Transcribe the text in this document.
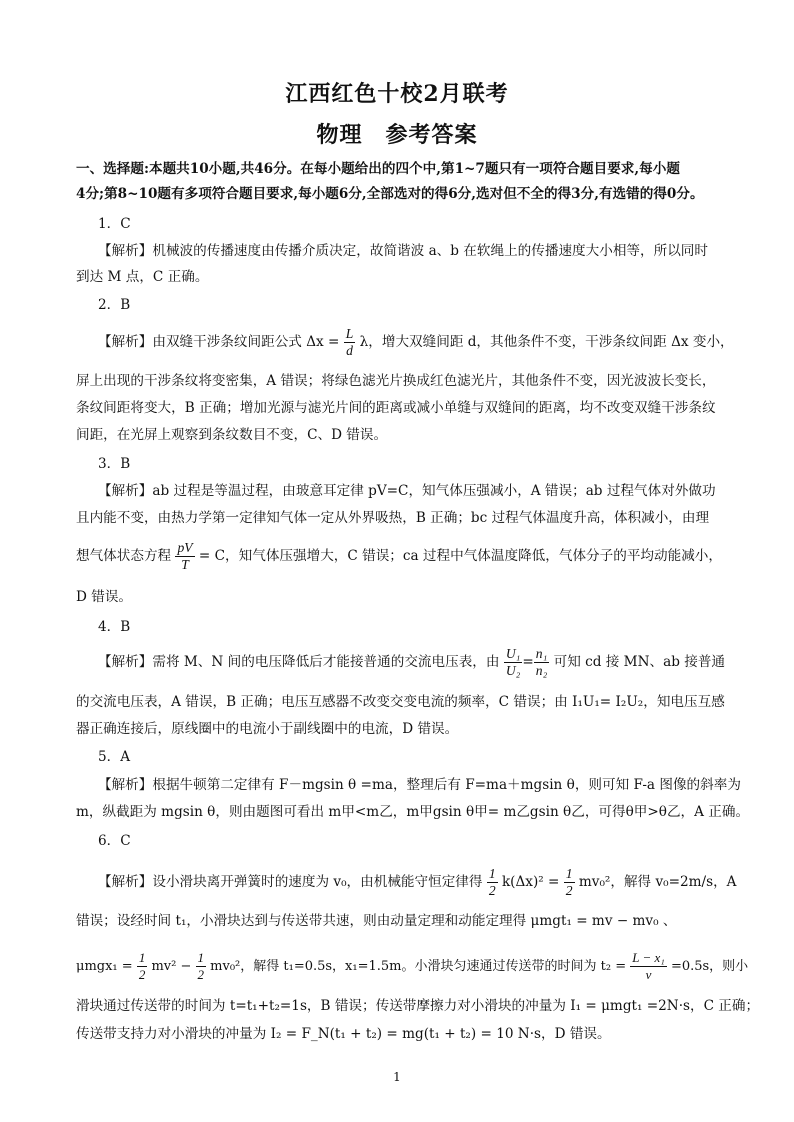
江西红色十校2月联考
物理　参考答案
一、选择题:本题共10小题,共46分。在每小题给出的四个中,第1~7题只有一项符合题目要求,每小题
4分;第8~10题有多项符合题目要求,每小题6分,全部选对的得6分,选对但不全的得3分,有选错的得0分。
1．C
【解析】机械波的传播速度由传播介质决定，故简谐波 a、b 在软绳上的传播速度大小相等，所以同时
到达 M 点，C 正确。
2．B
【解析】由双缝干涉条纹间距公式 $\Delta x = \frac{L}{d}$ λ，增大双缝间距 d，其他条件不变，干涉条纹间距 Δx 变小，
屏上出现的干涉条纹将变密集，A 错误；将绿色滤光片换成红色滤光片，其他条件不变，因光波波长变长，
条纹间距将变大，B 正确；增加光源与滤光片间的距离或减小单缝与双缝间的距离，均不改变双缝干涉条纹
间距，在光屏上观察到条纹数目不变，C、D 错误。
3．B
【解析】ab 过程是等温过程，由玻意耳定律 pV=C，知气体压强减小，A 错误；ab 过程气体对外做功
且内能不变，由热力学第一定律知气体一定从外界吸热，B 正确；bc 过程气体温度升高，体积减小，由理
想气体状态方程 $\frac{pV}{T} = C$，知气体压强增大，C 错误；ca 过程中气体温度降低，气体分子的平均动能减小，
D 错误。
4．B
【解析】需将 M、N 间的电压降低后才能接普通的交流电压表，由 $\frac{\text{U₁}}{\text{U₂}} = \frac{\text{n₁}}{\text{n₂}}$ 可知 cd 接 MN、ab 接普通
的交流电压表，A 错误，B 正确；电压互感器不改变交变电流的频率，C 错误；由 I₁U₁= I₂U₂，知电压互感
器正确连接后，原线圈中的电流小于副线圈中的电流，D 错误。
5．A
【解析】根据牛顿第二定律有 F－mgsin θ =ma，整理后有 F=ma＋mgsin θ，则可知 F-a 图像的斜率为
m，纵截距为 mgsin θ，则由题图可看出 m甲<m乙，m甲gsin θ甲= m乙gsin θ乙，可得θ甲>θ乙，A 正确。
6．C
【解析】设小滑块离开弹簧时的速度为 v₀，由机械能守恒定律得 $\frac{1}{2} k(\Delta x)^2 = \frac{1}{2} mv_0^2$，解得 v₀=2m/s，A
错误；设经时间 t₁，小滑块达到与传送带共速，则由动量定理和动能定理得 μmgt₁ = mv − mv₀ 、
$\mu mgx_1 = \frac{1}{2} mv^2 - \frac{1}{2} mv_0^2$，解得 t₁=0.5s，x₁=1.5m。小滑块匀速通过传送带的时间为 $t_2 = \frac{\text{L − x₁}}{v} =0.5s$，则小
滑块通过传送带的时间为 t=t₁+t₂=1s，B 错误；传送带摩擦力对小滑块的冲量为 I₁ = μmgt₁ =2N·s，C 正确；
传送带支持力对小滑块的冲量为 I₂ = F_N(t₁ + t₂) = mg(t₁ + t₂) = 10 N·s，D 错误。
1
